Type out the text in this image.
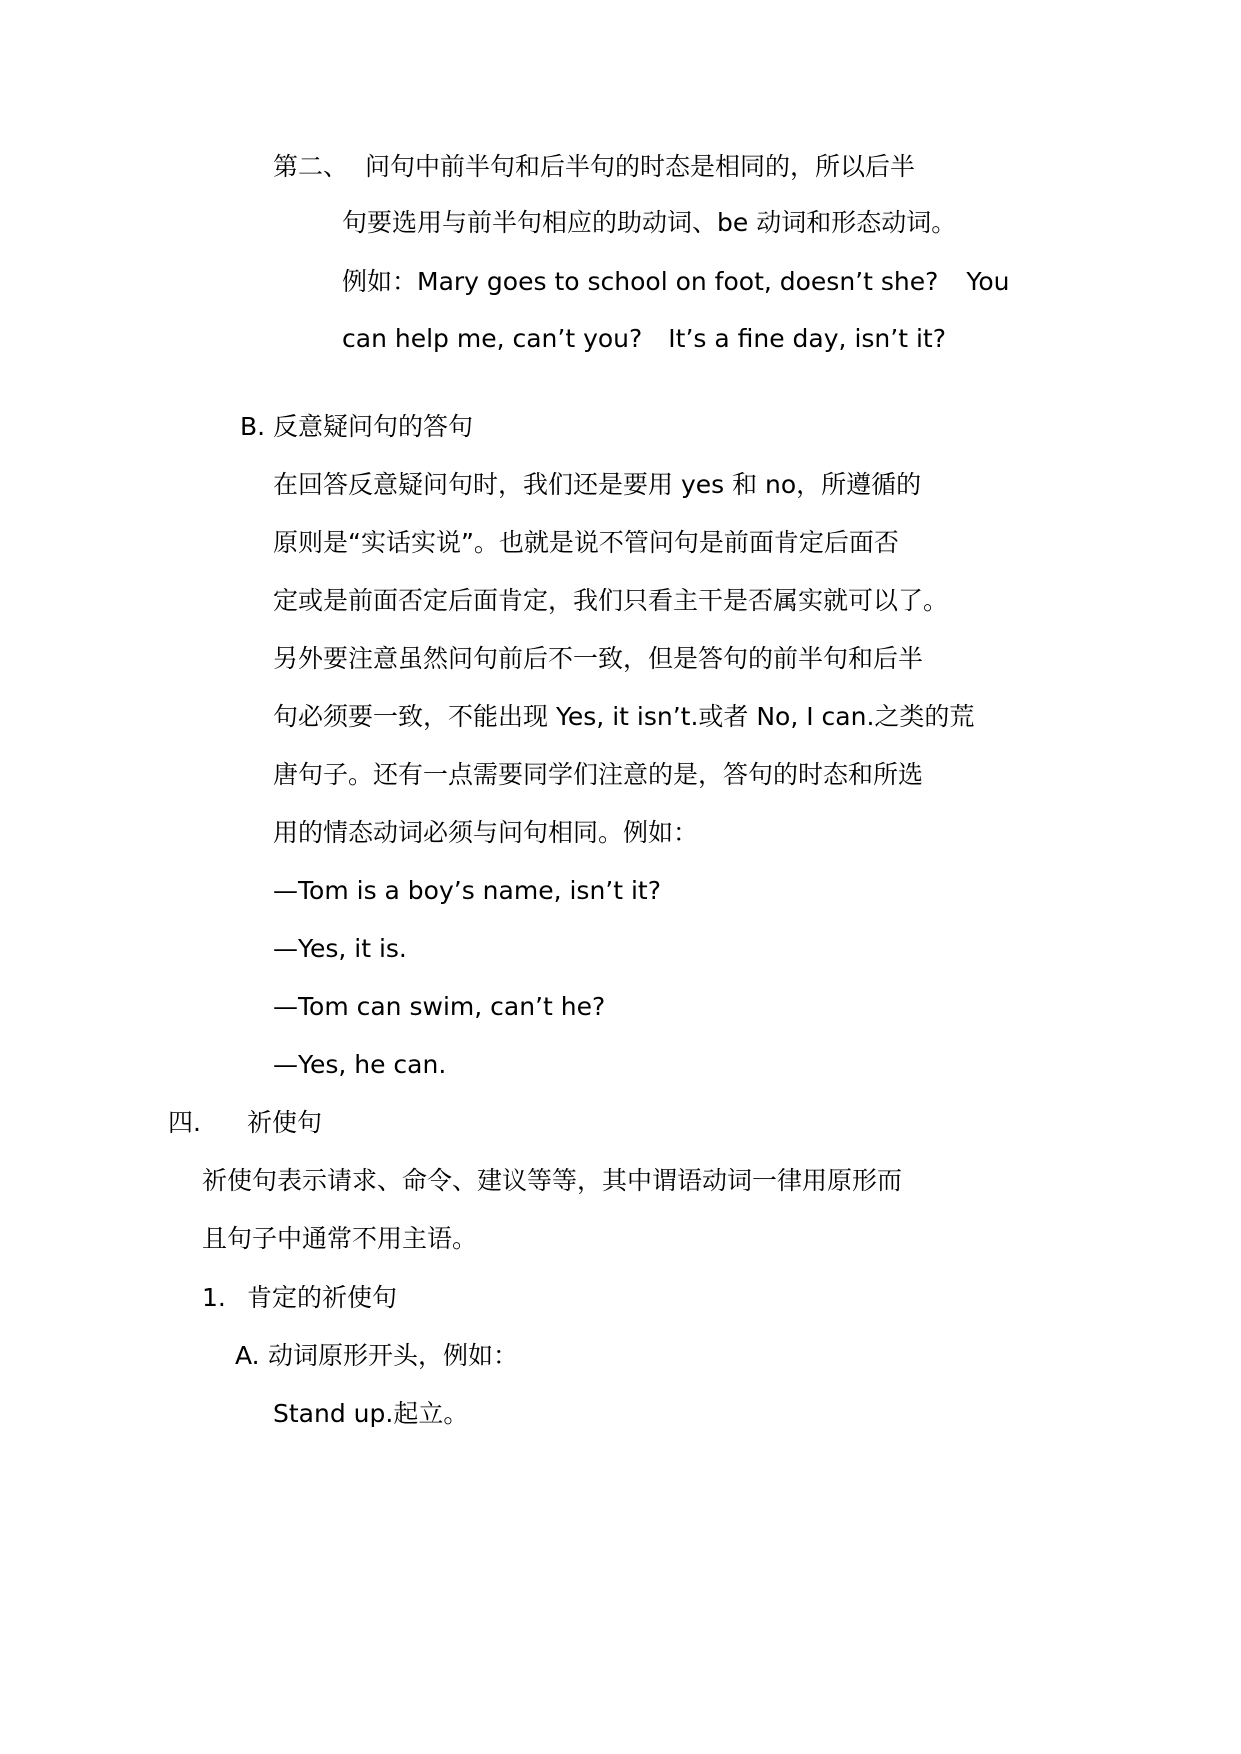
第二、 问句中前半句和后半句的时态是相同的，所以后半
句要选用与前半句相应的助动词、be 动词和形态动词。
例如：Mary goes to school on foot, doesn’t she? You
can help me, can’t you? It’s a fine day, isn’t it?
B. 反意疑问句的答句
在回答反意疑问句时，我们还是要用 yes 和 no，所遵循的
原则是“实话实说”。也就是说不管问句是前面肯定后面否
定或是前面否定后面肯定，我们只看主干是否属实就可以了。
另外要注意虽然问句前后不一致，但是答句的前半句和后半
句必须要一致，不能出现 Yes, it isn’t.或者 No, I can.之类的荒
唐句子。还有一点需要同学们注意的是，答句的时态和所选
用的情态动词必须与问句相同。例如：
—Tom is a boy’s name, isn’t it?
—Yes, it is.
—Tom can swim, can’t he?
—Yes, he can.
四. 祈使句
祈使句表示请求、命令、建议等等，其中谓语动词一律用原形而
且句子中通常不用主语。
1. 肯定的祈使句
A. 动词原形开头，例如：
Stand up.起立。
